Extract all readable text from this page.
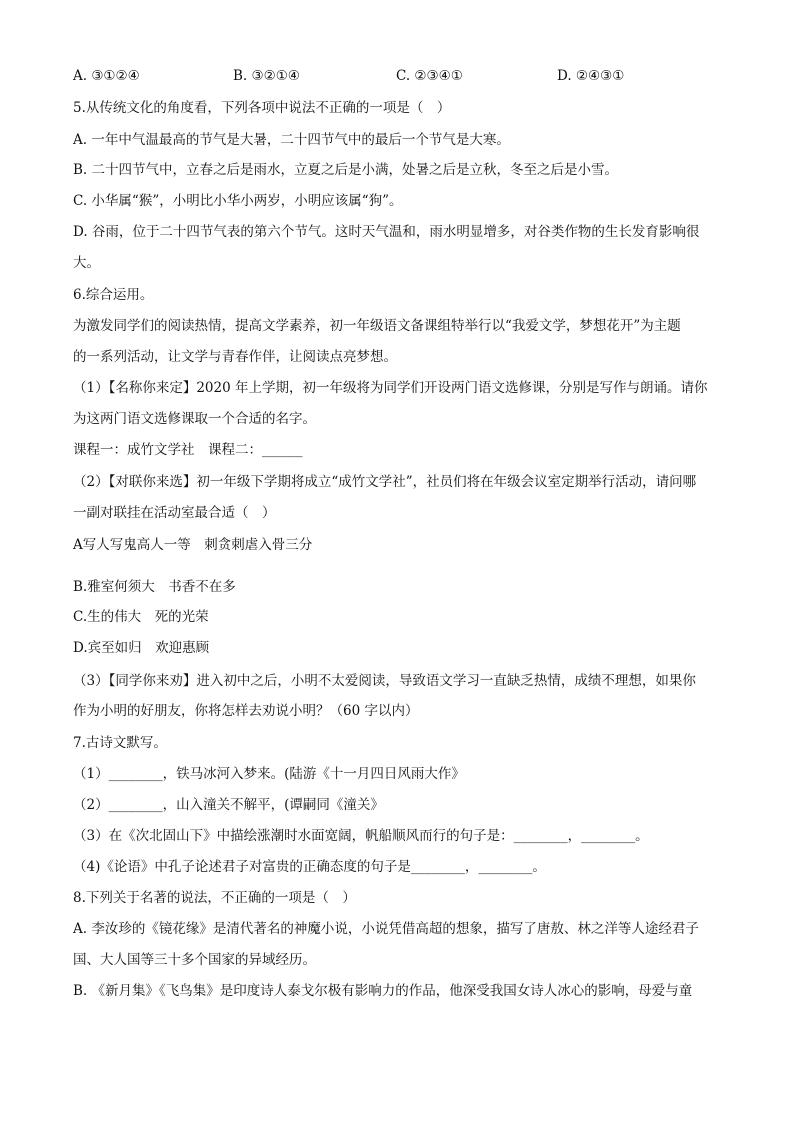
A. ③①②④	B. ③②①④	C. ②③④①	D. ②④③①
5.从传统文化的角度看，下列各项中说法不正确的一项是（　）
A. 一年中气温最高的节气是大暑，二十四节气中的最后一个节气是大寒。
B. 二十四节气中，立春之后是雨水，立夏之后是小满，处暑之后是立秋，冬至之后是小雪。
C. 小华属“猴”，小明比小华小两岁，小明应该属“狗”。
D. 谷雨，位于二十四节气表的第六个节气。这时天气温和，雨水明显增多，对谷类作物的生长发育影响很
大。
6.综合运用。
为激发同学们的阅读热情，提高文学素养，初一年级语文备课组特举行以“我爱文学，梦想花开”为主题
的一系列活动，让文学与青春作伴，让阅读点亮梦想。
（1）【名称你来定】2020 年上学期，初一年级将为同学们开设两门语文选修课，分别是写作与朗诵。请你
为这两门语文选修课取一个合适的名字。
课程一：成竹文学社　课程二：______
（2）【对联你来选】初一年级下学期将成立“成竹文学社”，社员们将在年级会议室定期举行活动，请问哪
一副对联挂在活动室最合适（　）
A写人写鬼高人一等　刺贪刺虐入骨三分
B.雅室何须大　书香不在多
C.生的伟大　死的光荣
D.宾至如归　欢迎惠顾
（3）【同学你来劝】进入初中之后，小明不太爱阅读，导致语文学习一直缺乏热情，成绩不理想，如果你
作为小明的好朋友，你将怎样去劝说小明？（60 字以内）
7.古诗文默写。
（1）________，铁马冰河入梦来。(陆游《十一月四日风雨大作》
（2）________，山入潼关不解平，(谭嗣同《潼关》
（3）在《次北固山下》中描绘涨潮时水面宽阔，帆船顺风而行的句子是：________，________。
（4)《论语》中孔子论述君子对富贵的正确态度的句子是________，________。
8.下列关于名著的说法，不正确的一项是（　）
A. 李汝珍的《镜花缘》是清代著名的神魔小说，小说凭借高超的想象，描写了唐敖、林之洋等人途经君子
国、大人国等三十多个国家的异域经历。
B. 《新月集》《飞鸟集》是印度诗人泰戈尔极有影响力的作品，他深受我国女诗人冰心的影响，母爱与童
